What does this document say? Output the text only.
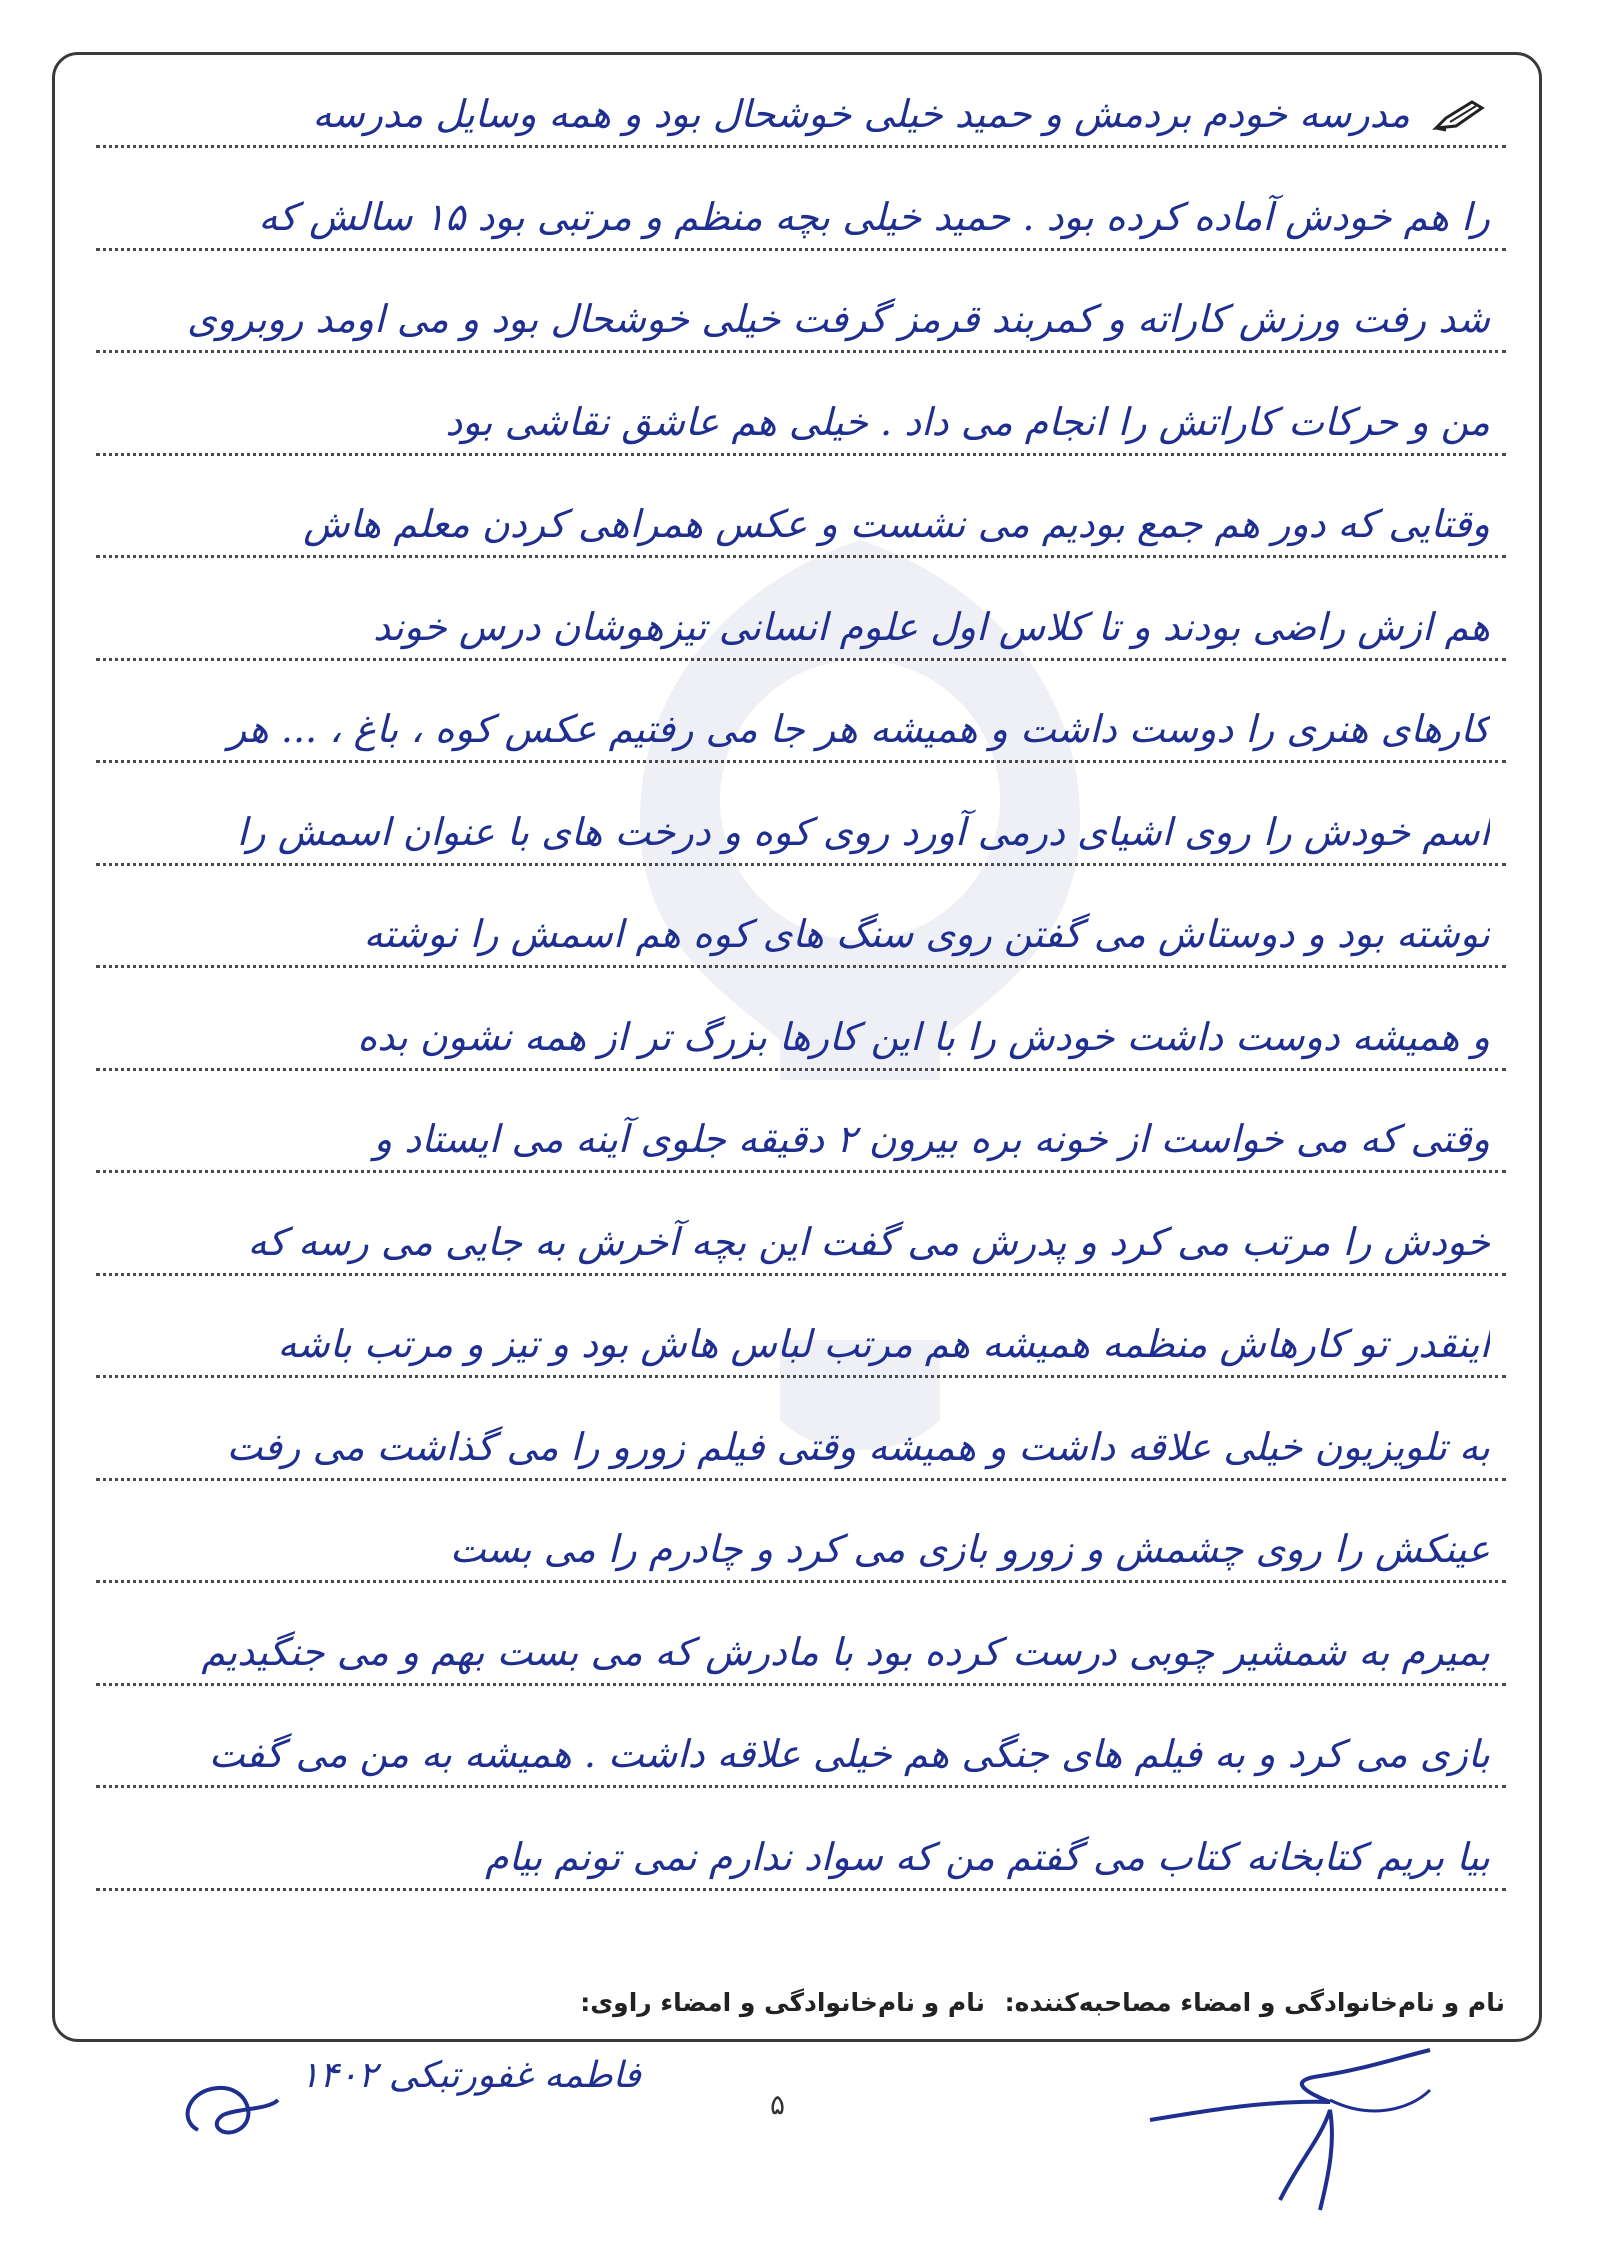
مدرسه خودم بردمش و حمید خیلی خوشحال بود و همه وسایل مدرسه
را هم خودش آماده کرده بود . حمید خیلی بچه منظم و مرتبی بود ۱۵ سالش که
شد رفت ورزش کاراته و کمربند قرمز گرفت خیلی خوشحال بود و می اومد روبروی
من و حرکات کاراتش را انجام می داد . خیلی هم عاشق نقاشی بود
وقتایی که دور هم جمع بودیم می نشست و عکس همراهی کردن معلم هاش
هم ازش راضی بودند و تا کلاس اول علوم انسانی تیزهوشان درس خوند
کارهای هنری را دوست داشت و همیشه هر جا می رفتیم عکس کوه ، باغ ، ... هر
اسم خودش را روی اشیای درمی آورد روی کوه و درخت های با عنوان اسمش را
نوشته بود و دوستاش می گفتن روی سنگ های کوه هم اسمش را نوشته
و همیشه دوست داشت خودش را با این کارها بزرگ تر از همه نشون بده
وقتی که می خواست از خونه بره بیرون ۲ دقیقه جلوی آینه می ایستاد و
خودش را مرتب می کرد و پدرش می گفت این بچه آخرش به جایی می رسه که
اینقدر تو کارهاش منظمه همیشه هم مرتب لباس هاش بود و تیز و مرتب باشه
به تلویزیون خیلی علاقه داشت و همیشه وقتی فیلم زورو را می گذاشت می رفت
عینکش را روی چشمش و زورو بازی می کرد و چادرم را می بست
بمیرم به شمشیر چوبی درست کرده بود با مادرش که می بست بهم و می جنگیدیم
بازی می کرد و به فیلم های جنگی هم خیلی علاقه داشت . همیشه به من می گفت
بیا بریم کتابخانه کتاب می گفتم من که سواد ندارم نمی تونم بیام
نام و نام‌خانوادگی و امضاء مصاحبه‌کننده:
نام و نام‌خانوادگی و امضاء راوی:
فاطمه غفورتبکی ۱۴۰۲
۵
